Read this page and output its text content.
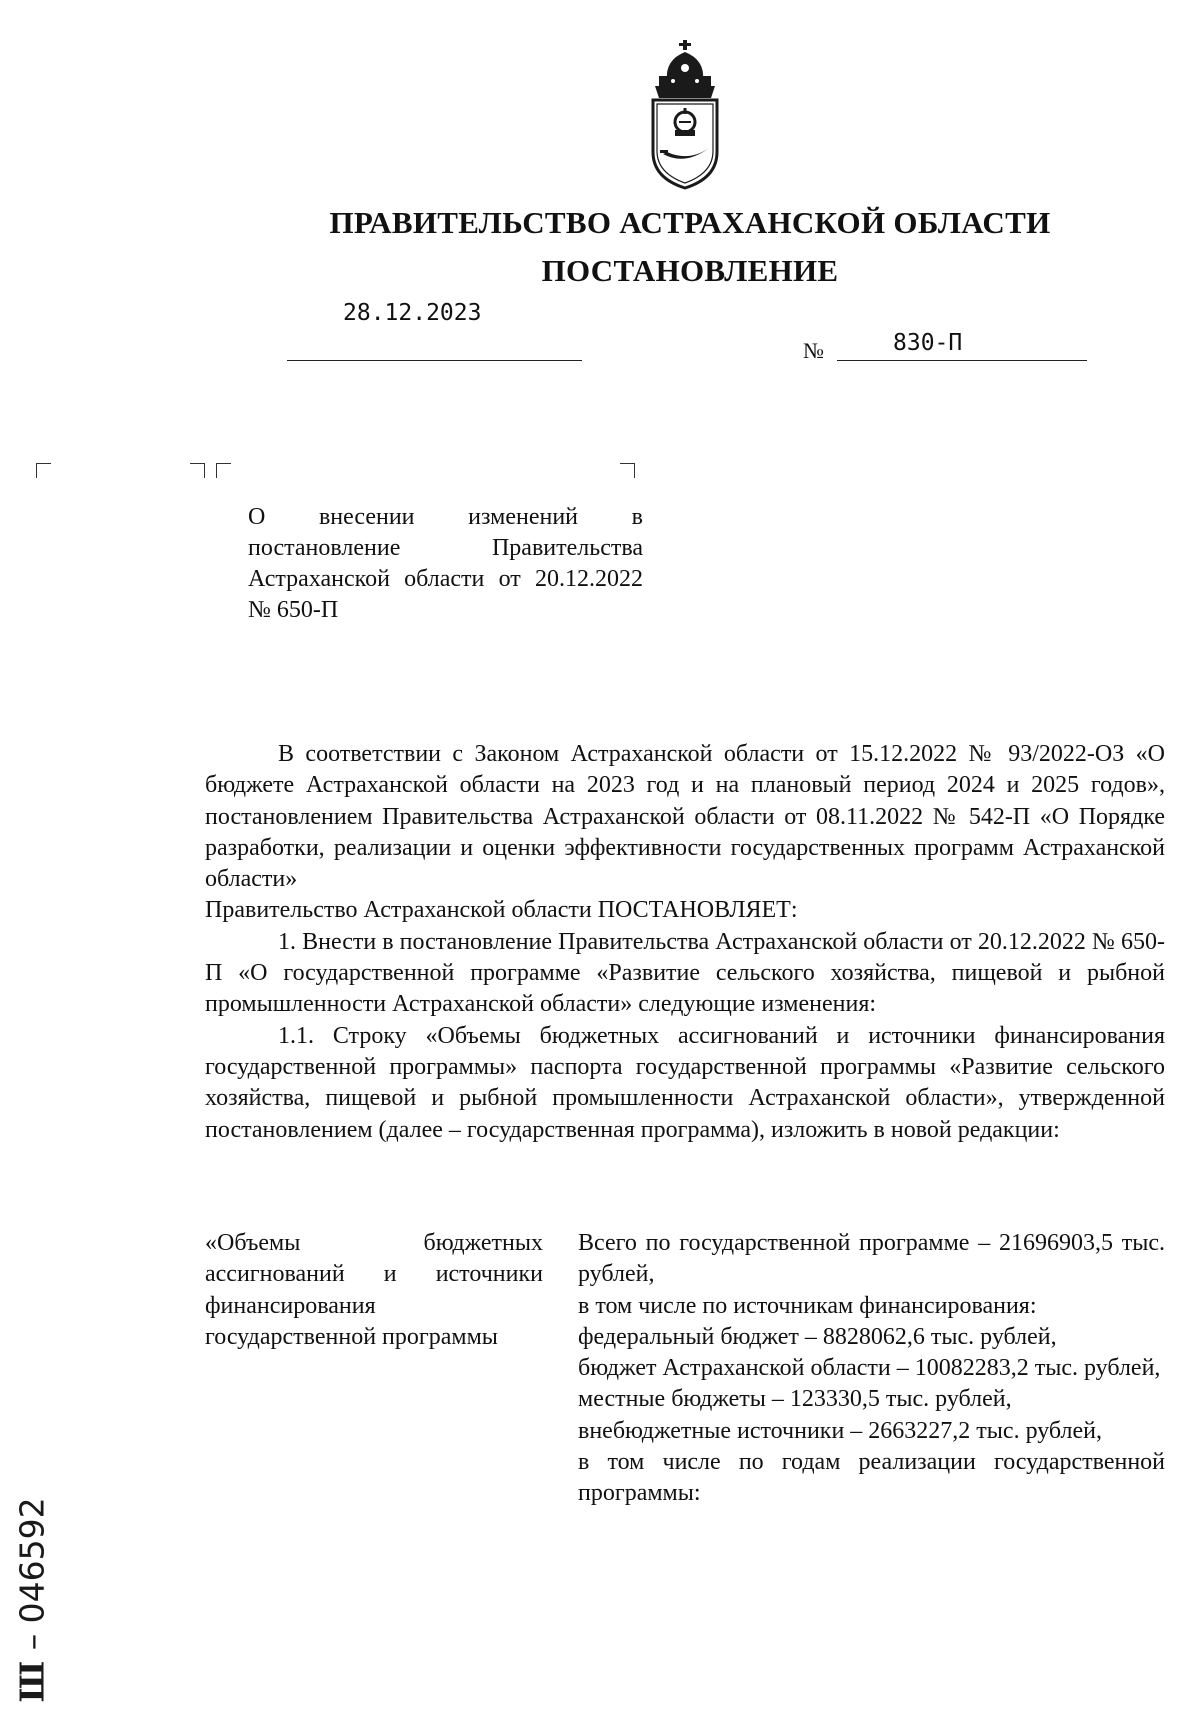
ПРАВИТЕЛЬСТВО АСТРАХАНСКОЙ ОБЛАСТИ
ПОСТАНОВЛЕНИЕ
28.12.2023
№	830-П
О внесении изменений в постановление Правительства Астраханской области от 20.12.2022 № 650-П

В соответствии с Законом Астраханской области от 15.12.2022 № 93/2022-ОЗ «О бюджете Астраханской области на 2023 год и на плановый период 2024 и 2025 годов», постановлением Правительства Астраханской области от 08.11.2022 № 542-П «О Порядке разработки, реализации и оценки эффективности государственных программ Астраханской области»

Правительство Астраханской области ПОСТАНОВЛЯЕТ:

1. Внести в постановление Правительства Астраханской области от 20.12.2022 № 650-П «О государственной программе «Развитие сельского хозяйства, пищевой и рыбной промышленности Астраханской области» следующие изменения:

1.1. Строку «Объемы бюджетных ассигнований и источники финансирования государственной программы» паспорта государственной программы «Развитие сельского хозяйства, пищевой и рыбной промышленности Астраханской области», утвержденной постановлением (далее – государственная программа), изложить в новой редакции:

«Объемы бюджетных ассигнований и источники финансирования государственной программы

Всего по государственной программе – 21696903,5 тыс. рублей,

в том числе по источникам финансирования:

федеральный бюджет – 8828062,6 тыс. рублей,

бюджет Астраханской области – 10082283,2 тыс. рублей,

местные бюджеты – 123330,5 тыс. рублей,

внебюджетные источники – 2663227,2 тыс. рублей,

в том числе по годам реализации государственной программы:

Ш – 046592
